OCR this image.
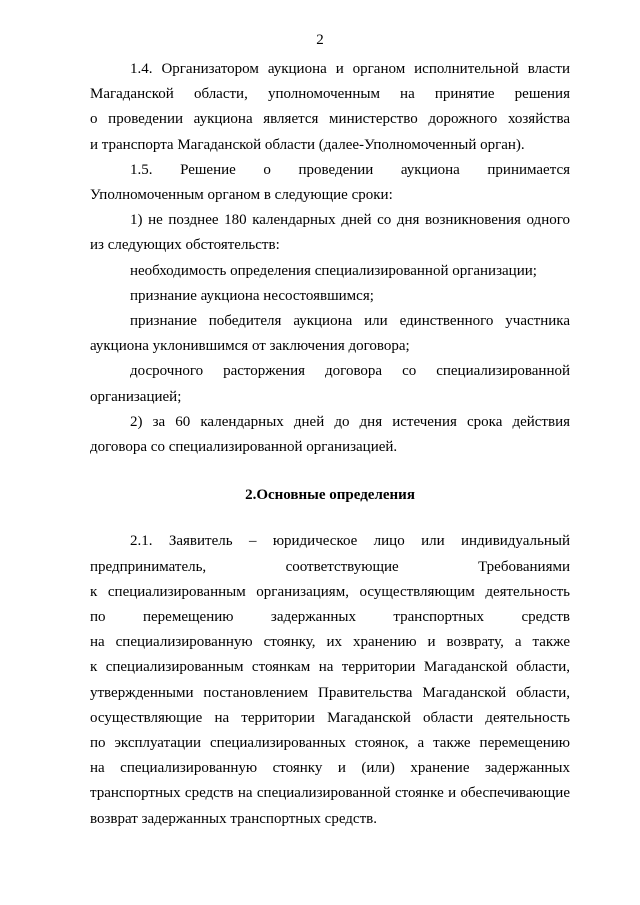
2
1.4. Организатором аукциона и органом исполнительной власти
Магаданской области, уполномоченным на принятие решения
о проведении аукциона является министерство дорожного хозяйства
и транспорта Магаданской области (далее-Уполномоченный орган).
1.5. Решение о проведении аукциона принимается
Уполномоченным органом в следующие сроки:
1) не позднее 180 календарных дней со дня возникновения одного
из следующих обстоятельств:
необходимость определения специализированной организации;
признание аукциона несостоявшимся;
признание победителя аукциона или единственного участника
аукциона уклонившимся от заключения договора;
досрочного расторжения договора со специализированной
организацией;
2) за 60 календарных дней до дня истечения срока действия
договора со специализированной организацией.
2.Основные определения
2.1. Заявитель – юридическое лицо или индивидуальный
предприниматель, соответствующие Требованиями
к специализированным организациям, осуществляющим деятельность
по перемещению задержанных транспортных средств
на специализированную стоянку, их хранению и возврату, а также
к специализированным стоянкам на территории Магаданской области,
утвержденными постановлением Правительства Магаданской области,
осуществляющие на территории Магаданской области деятельность
по эксплуатации специализированных стоянок, а также перемещению
на специализированную стоянку и (или) хранение задержанных
транспортных средств на специализированной стоянке и обеспечивающие
возврат задержанных транспортных средств.
